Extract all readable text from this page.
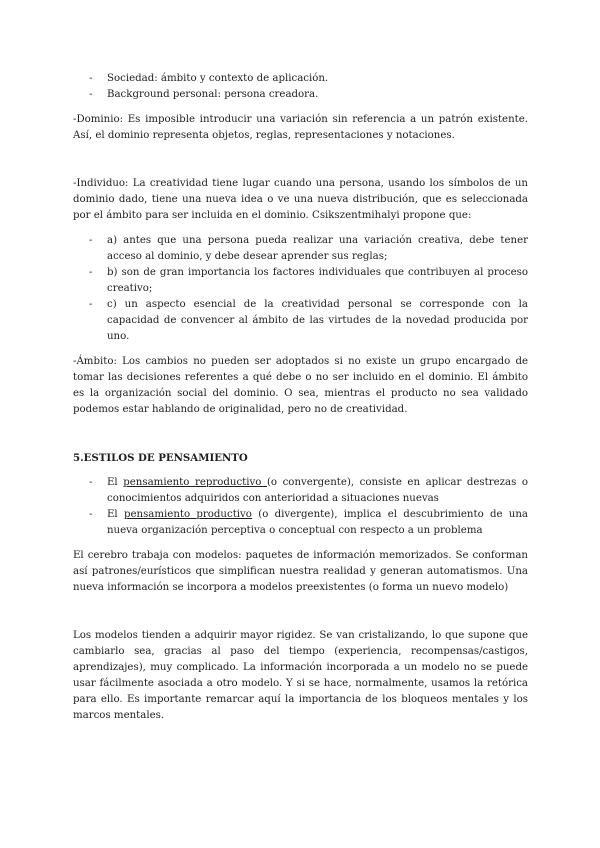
- Sociedad: ámbito y contexto de aplicación.
- Background personal: persona creadora.

-Dominio: Es imposible introducir una variación sin referencia a un patrón existente. Así, el dominio representa objetos, reglas, representaciones y notaciones.

-Individuo: La creatividad tiene lugar cuando una persona, usando los símbolos de un dominio dado, tiene una nueva idea o ve una nueva distribución, que es seleccionada por el ámbito para ser incluida en el dominio. Csikszentmihalyi propone que:

- a) antes que una persona pueda realizar una variación creativa, debe tener acceso al dominio, y debe desear aprender sus reglas;
- b) son de gran importancia los factores individuales que contribuyen al proceso creativo;
- c) un aspecto esencial de la creatividad personal se corresponde con la capacidad de convencer al ámbito de las virtudes de la novedad producida por uno.

-Ámbito: Los cambios no pueden ser adoptados si no existe un grupo encargado de tomar las decisiones referentes a qué debe o no ser incluido en el dominio. El ámbito es la organización social del dominio. O sea, mientras el producto no sea validado podemos estar hablando de originalidad, pero no de creatividad.

5.ESTILOS DE PENSAMIENTO

- El pensamiento reproductivo (o convergente), consiste en aplicar destrezas o conocimientos adquiridos con anterioridad a situaciones nuevas
- El pensamiento productivo (o divergente), implica el descubrimiento de una nueva organización perceptiva o conceptual con respecto a un problema

El cerebro trabaja con modelos: paquetes de información memorizados. Se conforman así patrones/eurísticos que simplifican nuestra realidad y generan automatismos. Una nueva información se incorpora a modelos preexistentes (o forma un nuevo modelo)

Los modelos tienden a adquirir mayor rigidez. Se van cristalizando, lo que supone que cambiarlo sea, gracias al paso del tiempo (experiencia, recompensas/castigos, aprendizajes), muy complicado. La información incorporada a un modelo no se puede usar fácilmente asociada a otro modelo. Y si se hace, normalmente, usamos la retórica para ello. Es importante remarcar aquí la importancia de los bloqueos mentales y los marcos mentales.
